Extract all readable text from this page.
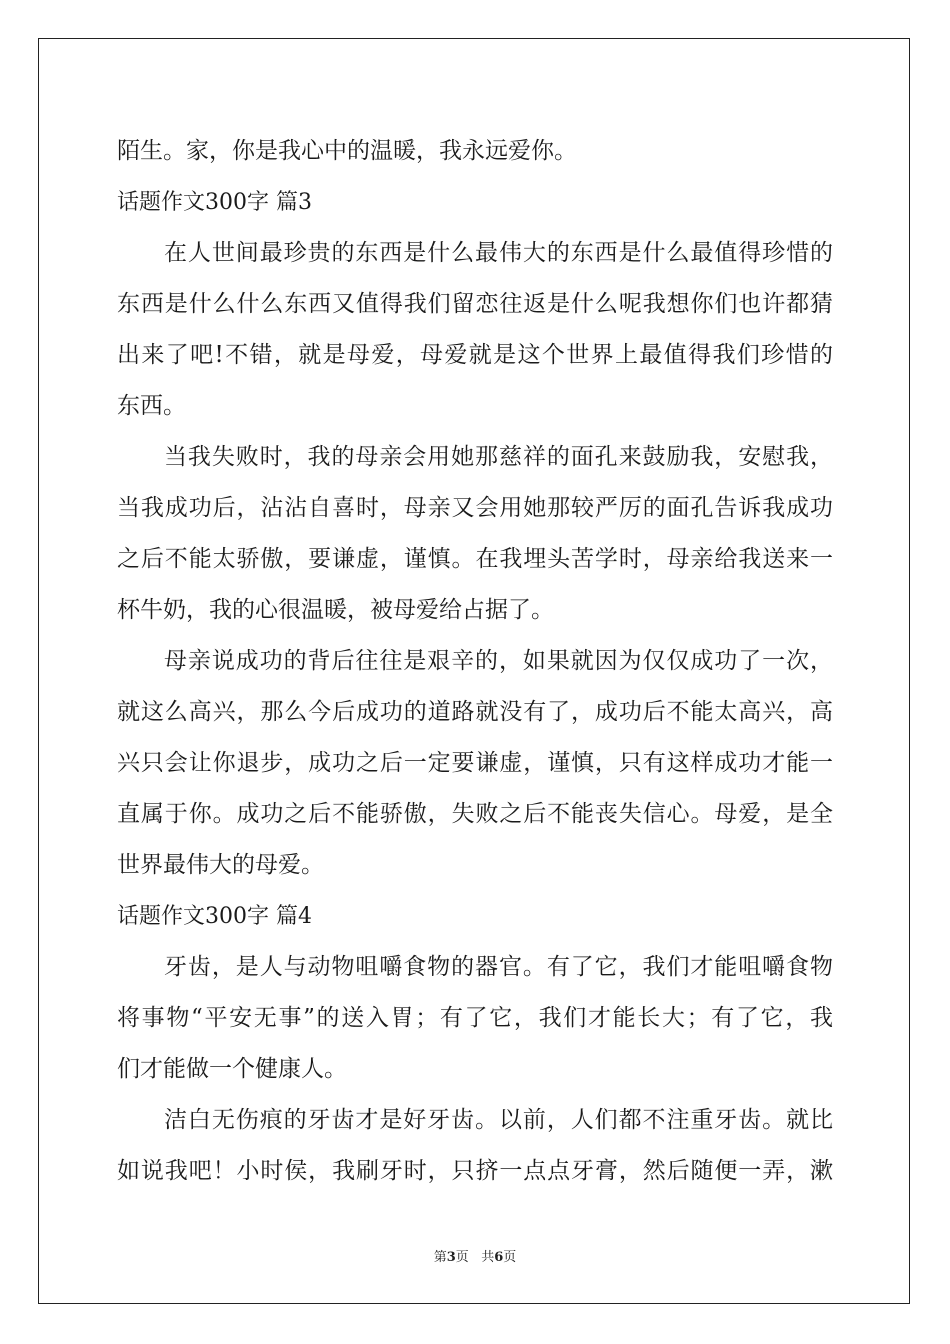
陌生。家，你是我心中的温暖，我永远爱你。
话题作文300字 篇3
在人世间最珍贵的东西是什么最伟大的东西是什么最值得珍惜的
东西是什么什么东西又值得我们留恋往返是什么呢我想你们也许都猜
出来了吧!不错，就是母爱，母爱就是这个世界上最值得我们珍惜的
东西。
当我失败时，我的母亲会用她那慈祥的面孔来鼓励我，安慰我，
当我成功后，沾沾自喜时，母亲又会用她那较严厉的面孔告诉我成功
之后不能太骄傲，要谦虚，谨慎。在我埋头苦学时，母亲给我送来一
杯牛奶，我的心很温暖，被母爱给占据了。
母亲说成功的背后往往是艰辛的，如果就因为仅仅成功了一次，
就这么高兴，那么今后成功的道路就没有了，成功后不能太高兴，高
兴只会让你退步，成功之后一定要谦虚，谨慎，只有这样成功才能一
直属于你。成功之后不能骄傲，失败之后不能丧失信心。母爱，是全
世界最伟大的母爱。
话题作文300字 篇4
牙齿，是人与动物咀嚼食物的器官。有了它，我们才能咀嚼食物
将事物“平安无事”的送入胃；有了它，我们才能长大；有了它，我
们才能做一个健康人。
洁白无伤痕的牙齿才是好牙齿。以前，人们都不注重牙齿。就比
如说我吧！小时侯，我刷牙时，只挤一点点牙膏，然后随便一弄，漱
第3页   共6页
